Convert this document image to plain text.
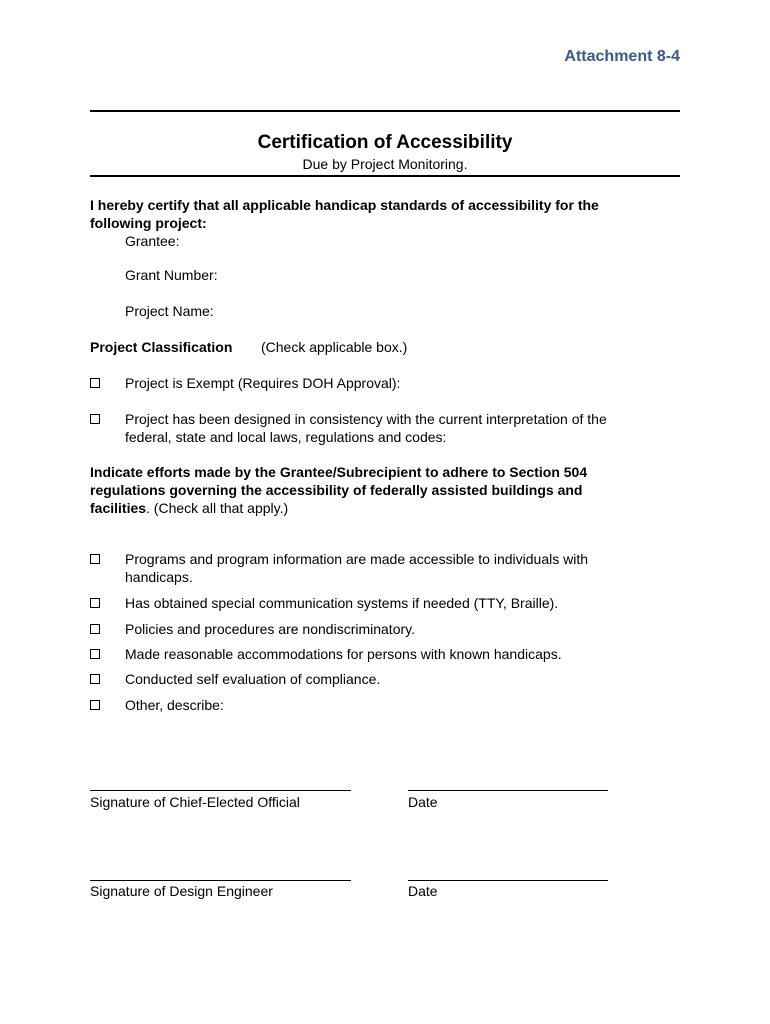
Attachment 8-4
Certification of Accessibility
Due by Project Monitoring.
I hereby certify that all applicable handicap standards of accessibility for the
following project:
Grantee:
Grant Number:
Project Name:
Project Classification (Check applicable box.)
Project is Exempt (Requires DOH Approval):
Project has been designed in consistency with the current interpretation of the
federal, state and local laws, regulations and codes:
Indicate efforts made by the Grantee/Subrecipient to adhere to Section 504
regulations governing the accessibility of federally assisted buildings and
facilities. (Check all that apply.)
Programs and program information are made accessible to individuals with
handicaps.
Has obtained special communication systems if needed (TTY, Braille).
Policies and procedures are nondiscriminatory.
Made reasonable accommodations for persons with known handicaps.
Conducted self evaluation of compliance.
Other, describe:
Signature of Chief-Elected Official	Date
Signature of Design Engineer	Date
